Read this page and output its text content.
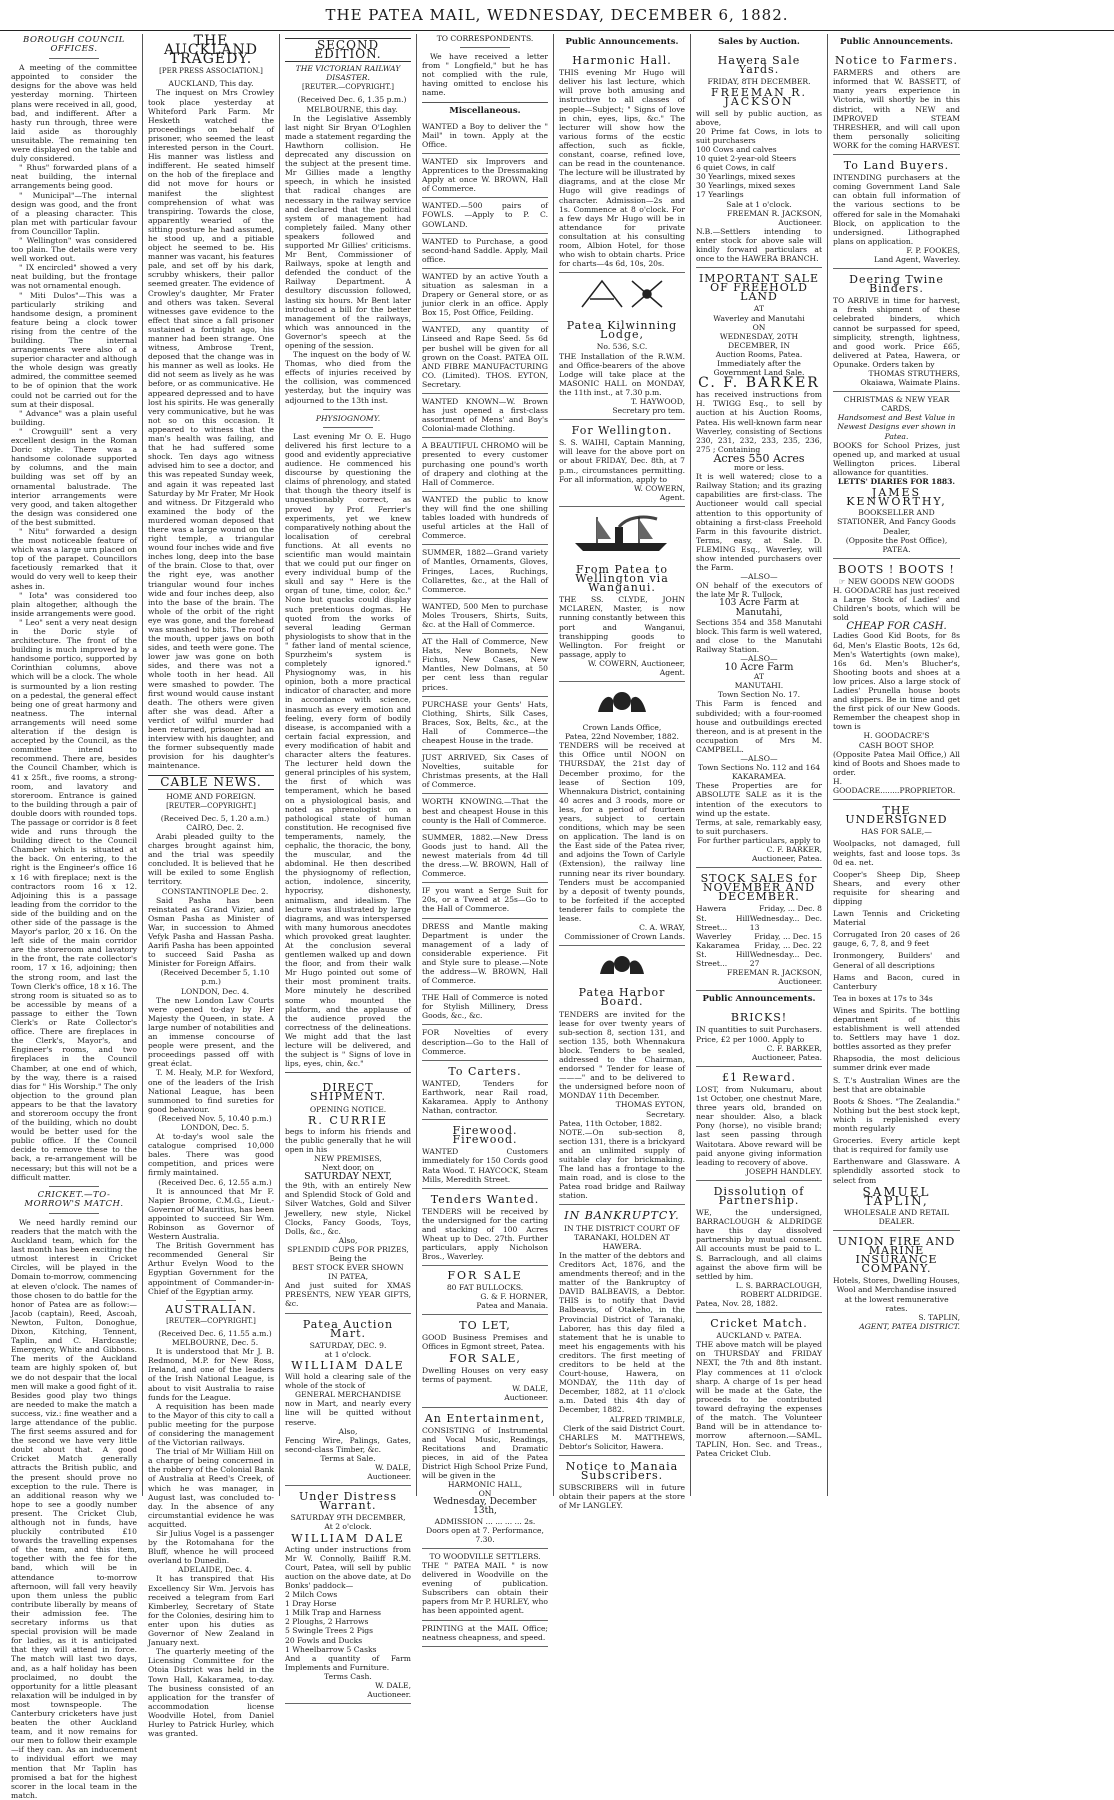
THE PATEA MAIL, WEDNESDAY, DECEMBER 6, 1882.
BOROUGH COUNCIL OFFICES.

A meeting of the committee appointed to consider the designs for the above was held yesterday morning. Thirteen plans were received in all, good, bad, and indifferent. After a hasty run through, three were laid aside as thoroughly unsuitable. The remaining ten were displayed on the table and duly considered.

" Rhus" forwarded plans of a neat building, the internal arrangements being good.

" Municipal"—The internal design was good, and the front of a pleasing character. This plan met with particular favour from Councillor Taplin.

" Wellington" was considered too plain. The details were very well worked out.

" IX encircled" showed a very neat building, but the frontage was not ornamental enough.

" Miti Dulos"—This was a particularly striking and handsome design, a prominent feature being a clock tower rising from the centre of the building. The internal arrangements were also of a superior character and although the whole design was greatly admired, the committee seemed to be of opinion that the work could not be carried out for the sum at their disposal.

" Advance" was a plain useful building.

" Crowguill" sent a very excellent design in the Roman Doric style. There was a handsome colonade supported by columns, and the main building was set off by an ornamental balustrade. The interior arrangements were very good, and taken altogether the design was considered one of the best submitted.

" Nitu" forwarded a design the most noticeable feature of which was a large urn placed on top of the parapet. Councillors facetiously remarked that it would do very well to keep their ashes in.

" Iota" was considered too plain altogether, although the inside arrangements were good.

" Leo" sent a very neat design in the Doric style of architecture. The front of the building is much improved by a handsome portico, supported by Corinthian columns, above which will be a clock. The whole is surmounted by a lion resting on a pedestal, the general effect being one of great harmony and neatness. The internal arrangements will need some alteration if the design is accepted by the Council, as the committee intend to recommend. There are, besides the Council Chamber, which is 41 x 25ft., five rooms, a strong-room, and lavatory and storeroom. Entrance is gained to the building through a pair of double doors with rounded tops. The passage or corridor is 8 feet wide and runs through the building direct to the Council Chamber which is situated at the back. On entering, to the right is the Engineer's office 16 x 16 with fireplace; next is the contractors room 16 x 12. Adjoining this is a passage leading from the corridor to the side of the building and on the other side of the passage is the Mayor's parlor, 20 x 16. On the left side of the main corridor are the storeroom and lavatory in the front, the rate collector's room, 17 x 16, adjoining; then the strong room, and last the Town Clerk's office, 18 x 16. The strong room is situated so as to be accessible by means of a passage to either the Town Clerk's or Rate Collector's office. There are fireplaces in the Clerk's, Mayor's, and Engineer's rooms, and two fireplaces in the Council Chamber, at one end of which, by the way, there is a raised dias for " His Worship." The only objection to the ground plan appears to be that the lavatory and storeroom occupy the front of the building, which no doubt would be better used for the public office. If the Council decide to remove these to the back, a re-arrangement will be necessary; but this will not be a difficult matter.

CRICKET.—TO-MORROW'S MATCH.

We need hardly remind our readers that the match with the Auckland team, which for the last month has been exciting the utmost interest in Cricket Circles, will be played in the Domain to-morrow, commencing at eleven o'clock. The names of those chosen to do battle for the honor of Patea are as follow:— Jacob (captain), Reed, Ascoah, Newton, Fulton, Donoghue, Dixon, Kitching, Tennent, Taplin, and C. Hardcastle; Emergency, White and Gibbons. The merits of the Auckland team are highly spoken of, but we do not despair that the local men will make a good fight of it. Besides good play two things are needed to make the match a success, viz.: fine weather and a large attendance of the public. The first seems assured and for the second we have very little doubt about that. A good Cricket Match generally attracts the British public, and the present should prove no exception to the rule. There is an additional reason why we hope to see a goodly number present. The Cricket Club, although not in funds, have pluckily contributed £10 towards the travelling expenses of the team, and this item, together with the fee for the band, which will be in attendance to-morrow afternoon, will fall very heavily upon them unless the public contribute liberally by means of their admission fee. The secretary informs us that special provision will be made for ladies, as it is anticipated that they will attend in force. The match will last two days, and, as a half holiday has been proclaimed, no doubt the opportunity for a little pleasant relaxation will be indulged in by most townspeople. The Canterbury cricketers have just beaten the other Auckland team, and it now remains for our men to follow their example—if they can. As an inducement to individual effort we may mention that Mr Taplin has promised a bat for the highest scorer in the local team in the match.

THE AUCKLAND TRAGEDY.
[PER PRESS ASSOCIATION.]
AUCKLAND, This day.

The inquest on Mrs Crowley took place yesterday at Whiteford Park Farm. Mr Hesketh watched the proceedings on behalf of prisoner, who seemed the least interested person in the Court. His manner was listless and indifferent. He seated himself on the hob of the fireplace and did not move for hours or manifest the slightest comprehension of what was transpiring. Towards the close, apparently wearied of the sitting posture he had assumed, he stood up, and a pitiable object he seemed to be. His manner was vacant, his features pale, and set off by his dark, scrubby whiskers, their pallor seemed greater. The evidence of Crowley's daughter, Mr Frater and others was taken. Several witnesses gave evidence to the effect that since a fall prisoner sustained a fortnight ago, his manner had been strange. One witness, Ambrose Trent, deposed that the change was in his manner as well as looks. He did not seem as lively as he was before, or as communicative. He appeared depressed and to have lost his spirits. He was generally very communicative, but he was not so on this occasion. It appeared to witness that the man's health was failing, and that he had suffered some shock. Ten days ago witness advised him to see a doctor, and this was repeated Sunday week, and again it was repeated last Saturday by Mr Frater, Mr Hook and witness. Dr Fitzgerald who examined the body of the murdered woman deposed that there was a large wound on the right temple, a triangular wound four inches wide and five inches long, deep into the base of the brain. Close to that, over the right eye, was another triangular wound four inches wide and four inches deep, also into the base of the brain. The whole of the orbit of the right eye was gone, and the forehead was smashed to bits. The roof of the mouth, upper jaws on both sides, and teeth were gone. The lower jaw was gone on both sides, and there was not a whole tooth in her head. All were smashed to powder. The first wound would cause instant death. The others were given after she was dead. After a verdict of wilful murder had been returned, prisoner had an interview with his daughter, and the former subsequently made provision for his daughter's maintenance.

CABLE NEWS.
HOME AND FOREIGN.
[REUTER—COPYRIGHT.]

(Received Dec. 5, 1.20 a.m.)

CAIRO, Dec. 2.

Arabi pleaded guilty to the charges brought against him, and the trial was speedily concluded. It is believed that he will be exiled to some English territory.

CONSTANTINOPLE Dec. 2.

Said Pasha has been reinstated as Grand Vizier, and Osman Pasha as Minister of War, in succession to Ahmed Vefyk Pasha and Hassan Pasha. Aarifi Pasha has been appointed to succeed Said Pasha as Minister for Foreign Affairs.

(Received December 5, 1.10 p.m.)

LONDON, Dec. 4.

The new London Law Courts were opened to-day by Her Majesty the Queen, in state. A large number of notabilities and an immense concourse of people were present, and the proceedings passed off with great éclat.

T. M. Healy, M.P. for Wexford, one of the leaders of the Irish National League, has been summoned to find sureties for good behaviour.

(Received Nov. 5, 10.40 p.m.)

LONDON, Dec. 5.

At to-day's wool sale the catalogue comprised 10,000 bales. There was good competition, and prices were firmly maintained.

(Received Dec. 6, 12.55 a.m.)

It is announced that Mr F. Napier Broome, C.M.G., Lieut.-Governor of Mauritius, has been appointed to succeed Sir Wm. Robinson as Governor of Western Australia.

The British Government has recommended General Sir Arthur Evelyn Wood to the Egyptian Government for the appointment of Commander-in-Chief of the Egyptian army.

AUSTRALIAN.
[REUTER—COPYRIGHT.]

(Received Dec. 6, 11.55 a.m.)

MELBOURNE, Dec. 5.

It is understood that Mr J. B. Redmond, M.P. for New Ross, Ireland, and one of the leaders of the Irish National League, is about to visit Australia to raise funds for the League.

A requisition has been made to the Mayor of this city to call a public meeting for the purpose of considering the management of the Victorian railways.

The trial of Mr William Hill on a charge of being concerned in the robbery of the Colonial Bank of Australia at Reed's Creek, of which he was manager, in August last, was concluded to-day. In the absence of any circumstantial evidence he was acquitted.

Sir Julius Vogel is a passenger by the Rotomahana for the Bluff, whence he will proceed overland to Dunedin.

ADELAIDE, Dec. 4.

It has transpired that His Excellency Sir Wm. Jervois has received a telegram from Earl Kimberley, Secretary of State for the Colonies, desiring him to enter upon his duties as Governor of New Zealand in January next.

The quarterly meeting of the Licensing Committee for the Otoia District was held in the Town Hall, Kakaramea, to-day. The business consisted of an application for the transfer of accommodation license Woodville Hotel, from Daniel Hurley to Patrick Hurley, which was granted.

SECOND EDITION.
THE VICTORIAN RAILWAY DISASTER.
[REUTER.—COPYRIGHT.]

(Received Dec. 6, 1.35 p.m.)

MELBOURNE, this day.

In the Legislative Assembly last night Sir Bryan O'Loghlen made a statement regarding the Hawthorn collision. He deprecated any discussion on the subject at the present time. Mr Gillies made a lengthy speech, in which he insisted that radical changes are necessary in the railway service and declared that the political system of management had completely failed. Many other speakers followed and supported Mr Gillies' criticisms. Mr Bent, Commissioner of Railways, spoke at length and defended the conduct of the Railway Department. A desultory discussion followed, lasting six hours. Mr Bent later introduced a bill for the better management of the railways, which was announced in the Governor's speech at the opening of the session.

The inquest on the body of W. Thomas, who died from the effects of injuries received by the collision, was commenced yesterday, but the inquiry was adjourned to the 13th inst.

PHYSIOGNOMY.

Last evening Mr O. E. Hugo delivered his first lecture to a good and evidently appreciative audience. He commenced his discourse by questioning the claims of phrenology, and stated that though the theory itself is unquestionably correct, as proved by Prof. Ferrier's experiments, yet we knew comparatively nothing about the localisation of cerebral functions. At all events no scientific man would maintain that we could put our finger on every individual bump of the skull and say " Here is the organ of tune, time, color, &c." None but quacks could display such pretentious dogmas. He quoted from the works of several leading German physiologists to show that in the " father land of mental science, Spurzheim's system is completely ignored." Physiognomy was, in his opinion, both a more practical indicator of character, and more in accordance with science, inasmuch as every emotion and feeling, every form of bodily disease, is accompanied with a certain facial expression, and every modification of habit and character alters the features. The lecturer held down the general principles of his system, the first of which was temperament, which he based on a physiological basis, and noted as phrenologist on a pathological state of human constitution. He recognised five temperaments, namely, the cephalic, the thoracic, the bony, the muscular, and the abdominal. He then described the physiognomy of reflection, action, indolence, sincerity, hypocrisy, dishonesty, animalism, and idealism. The lecture was illustrated by large diagrams, and was interspersed with many humorous anecdotes which provoked great laughter. At the conclusion several gentlemen walked up and down the floor, and from their walk Mr Hugo pointed out some of their most prominent traits. More minutely he described some who mounted the platform, and the applause of the audience proved the correctness of the delineations. We might add that the last lecture will be delivered, and the subject is " Signs of love in lips, eyes, chin, &c."

DIRECT SHIPMENT.
OPENING NOTICE.
R. CURRIE

begs to inform his friends and the public generally that he will open in his

NEW PREMISES,

Next door, on

SATURDAY NEXT,

the 9th, with an entirely New and Splendid Stock of Gold and Silver Watches, Gold and Silver Jewellery, new style, Nickel Clocks, Fancy Goods, Toys, Dolls, &c., &c.

Also,

SPLENDID CUPS FOR PRIZES,

Being the

BEST STOCK EVER SHOWN

IN PATEA,

And just suited for XMAS PRESENTS, NEW YEAR GIFTS, &c.

Patea Auction Mart.
SATURDAY, DEC. 9.
at 1 o'clock.
WILLIAM DALE

Will hold a clearing sale of the whole of the stock of

GENERAL MERCHANDISE

now in Mart, and nearly every line will be quitted without reserve.

Also,

Fencing Wire, Palings, Gates, second-class Timber, &c.

Terms at Sale.

W. DALE,

Auctioneer.

Under Distress Warrant.
SATURDAY 9TH DECEMBER,
At 2 o'clock.
WILLIAM DALE

Acting under instructions from Mr W. Connolly, Bailiff R.M. Court, Patea, will sell by public auction on the above date, at Do Bonks' paddock—

2 Milch Cows

1 Dray Horse

1 Milk Trap and Harness

2 Ploughs, 2 Harrows

5 Swingle Trees 2 Pigs

20 Fowls and Ducks

1 Wheelbarrow 5 Casks

And a quantity of Farm Implements and Furniture.

Terms Cash.

W. DALE,

Auctioneer.

TO CORRESPONDENTS.

We have received a letter from " Longfield," but he has not complied with the rule, having omitted to enclose his name.

Miscellaneous.

WANTED a Boy to deliver the " Mail" in town. Apply at the Office.

WANTED six Improvers and Apprentices to the Dressmaking Apply at once W. BROWN, Hall of Commerce.

WANTED.—500 pairs of FOWLS. —Apply to P. C. GOWLAND.

WANTED to Purchase, a good second-hand Saddle. Apply, Mail office.

WANTED by an active Youth a situation as salesman in a Drapery or General store, or as junior clerk in an office. Apply Box 15, Post Office, Feilding.

WANTED, any quantity of Linseed and Rape Seed. 5s 6d per bushel will be given for all grown on the Coast. PATEA OIL AND FIBRE MANUFACTURING CO. (Limited). THOS. EYTON, Secretary.

WANTED KNOWN—W. Brown has just opened a first-class assortment of Mens' and Boy's Colonial-made Clothing.

A BEAUTIFUL CHROMO will be presented to every customer purchasing one pound's worth of drapery and clothing at the Hall of Commerce.

WANTED the public to know they will find the one shilling tables loaded with hundreds of useful articles at the Hall of Commerce.

SUMMER, 1882—Grand variety of Mantles, Ornaments, Gloves, Fringes, Laces, Ruchings, Collarettes, &c., at the Hall of Commerce.

WANTED, 500 Men to purchase Moles Trousers, Shirts, Suits, &c. at the Hall of Commerce.

AT the Hall of Commerce, New Hats, New Bonnets, New Fichus, New Cases, New Mantles, New Dolmans, at 50 per cent less than regular prices.

PURCHASE your Gents' Hats, Clothing, Shirts, Silk Cases, Braces, Sox, Belts, &c., at the Hall of Commerce—the cheapest House in the trade.

JUST ARRIVED, Six Cases of Novelties, suitable for Christmas presents, at the Hall of Commerce.

WORTH KNOWING.—That the best and cheapest House in this county is the Hall of Commerce.

SUMMER, 1882.—New Dress Goods just to hand. All the newest materials from 4d till the dress.—W. BROWN, Hall of Commerce.

IF you want a Serge Suit for 20s, or a Tweed at 25s—Go to the Hall of Commerce.

DRESS and Mantle making Department is under the management of a lady of considerable experience. Fit and Style sure to please.—Note the address—W. BROWN, Hall of Commerce.

THE Hall of Commerce is noted for Stylish Millinery, Dress Goods, &c., &c.

FOR Novelties of every description—Go to the Hall of Commerce.

To Carters.

WANTED, Tenders for Earthwork, near Rail road, Kakaramea. Apply to Anthony Nathan, contractor.

Firewood. Firewood.

WANTED Customers immediately for 150 Cords good Rata Wood. T. HAYCOCK, Steam Mills, Meredith Street.

Tenders Wanted.

TENDERS will be received by the undersigned for the carting and stacking of 100 Acres Wheat up to Dec. 27th. Further particulars, apply Nicholson Bros., Waverley.

FOR SALE

80 FAT BULLOCKS.

G. & F. HORNER,

Patea and Manaia.

TO LET,

GOOD Business Premises and Offices in Egmont street, Patea.

FOR SALE,

Dwelling Houses on very easy terms of payment.

W. DALE,

Auctioneer.

An Entertainment,

CONSISTING of Instrumental and Vocal Music, Readings, Recitations and Dramatic pieces, in aid of the Patea District High School Prize Fund, will be given in the

HARMONIC HALL,

ON

Wednesday, December 13th,

ADMISSION ... ... ... ... 2s.

Doors open at 7. Performance, 7.30.

TO WOODVILLE SETTLERS.

THE " PATEA MAIL " is now delivered in Woodville on the evening of publication. Subscribers can obtain their papers from Mr P. HURLEY, who has been appointed agent.

PRINTING at the MAIL Office; neatness cheapness, and speed.

Public Announcements.
Harmonic Hall.

THIS evening Mr Hugo will deliver his last lecture, which will prove both amusing and instructive to all classes of people—Subject; " Signs of love in chin, eyes, lips, &c." The lecturer will show how the various forms of the ecstic affection, such as fickle, constant, coarse, refined love, can be read in the countenance. The lecture will be illustrated by diagrams, and at the close Mr Hugo will give readings of character. Admission—2s and 1s. Commence at 8 o'clock. For a few days Mr Hugo will be in attendance for private consultation at his consulting room, Albion Hotel, for those who wish to obtain charts. Price for charts—4s 6d, 10s, 20s.

Patea Kilwinning Lodge,

No. 536, S.C.

THE Installation of the R.W.M. and Office-bearers of the above Lodge will take place at the MASONIC HALL on MONDAY, the 11th inst., at 7.30 p.m.

T. HAYWOOD,

Secretary pro tem.

For Wellington.

S. S. WAIHI, Captain Manning, will leave for the above port on or about FRIDAY, Dec. 8th, at 7 p.m., circumstances permitting. For all information, apply to

W. COWERN,

Agent.

From Patea to Wellington via Wanganui.

THE SS. CLYDE, JOHN MCLAREN, Master, is now running constantly between this port and Wanganui, transhipping goods to Wellington. For freight or passage, apply to

W. COWERN, Auctioneer,

Agent.

Crown Lands Office,

Patea, 22nd November, 1882.

TENDERS will be received at this Office until NOON on THURSDAY, the 21st day of December proximo, for the lease of Section 109, Whennakura District, containing 40 acres and 3 roods, more or less, for a period of fourteen years, subject to certain conditions, which may be seen on application. The land is on the East side of the Patea river, and adjoins the Town of Carlyle (Extension), the railway line running near its river boundary. Tenders must be accompanied by a deposit of twenty pounds, to be forfeited if the accepted tenderer fails to complete the lease.

C. A. WRAY,

Commissioner of Crown Lands.

Patea Harbor Board.

TENDERS are invited for the lease for over twenty years of sub-section 8, section 131, and section 135, both Whennakura block. Tenders to be sealed, addressed to the Chairman, endorsed " Tender for lease of———" and to be delivered to the undersigned before noon of MONDAY 11th December.

THOMAS EYTON,

Secretary.

Patea, 11th October, 1882.

NOTE.—On sub-section 8, section 131, there is a brickyard and an unlimited supply of suitable clay for brickmaking. The land has a frontage to the main road, and is close to the Patea road bridge and Railway station.

IN BANKRUPTCY.

IN THE DISTRICT COURT OF TARANAKI, HOLDEN AT HAWERA.

In the matter of the debtors and Creditors Act, 1876, and the amendments thereof; and in the matter of the Bankruptcy of DAVID BALBEAVIS, a Debtor. THIS is to notify that David Balbeavis, of Otakeho, in the Provincial District of Taranaki, Laborer, has this day filed a statement that he is unable to meet his engagements with his creditors. The first meeting of creditors to be held at the Court-house, Hawera, on MONDAY, the 11th day of December, 1882, at 11 o'clock a.m. Dated this 4th day of December, 1882.

ALFRED TRIMBLE,

Clerk of the said District Court.

CHARLES M. MATTHEWS, Debtor's Solicitor, Hawera.

Notice to Manaia Subscribers.

SUBSCRIBERS will in future obtain their papers at the store of Mr LANGLEY.

Sales by Auction.
Hawera Sale Yards.

FRIDAY, 8TH DECEMBER.

FREEMAN R. JACKSON

will sell by public auction, as above,

20 Prime fat Cows, in lots to suit purchasers

100 Cows and calves

10 quiet 2-year-old Steers

6 quiet Cows, in calf

30 Yearlings, mixed sexes

30 Yearlings, mixed sexes

17 Yearlings

Sale at 1 o'clock.

FREEMAN R. JACKSON, Auctioneer.

N.B.—Settlers intending to enter stock for above sale will kindly forward particulars at once to the HAWERA BRANCH.

IMPORTANT SALE OF FREEHOLD LAND

AT

Waverley and Manutahi

ON

WEDNESDAY, 20TH DECEMBER, IN

Auction Rooms, Patea.

Immediately after the Government Land Sale.

C. F. BARKER

has received instructions from H. TWIGG Esq., to sell by auction at his Auction Rooms, Patea. His well-known farm near Waverley, consisting of Sections 230, 231, 232, 233, 235, 236, 275 ; Containing

Acres 550 Acres

more or less.

It is well watered; close to a Railway Station; and its grazing capabilities are first-class. The Auctioneer would call special attention to this opportunity of obtaining a first-class Freehold Farm in this favourite district. Terms, easy, at Sale. D. FLEMING Esq., Waverley, will show intended purchasers over the Farm.

—ALSO—

ON behalf of the executors of the late Mr R. Tullock,

103 Acre Farm at Manutahi,

Sections 354 and 358 Manutahi block. This farm is well watered, and close to the Manutahi Railway Station.

—ALSO—

10 Acre Farm

AT

MANUTAHI.

Town Section No. 17.

This Farm is fenced and subdivided; with a four-roomed house and outbuildings erected thereon, and is at present in the occupation of Mrs M. CAMPBELL.

—ALSO—

Town Sections No. 112 and 164

KAKARAMEA.

These Properties are for ABSOLUTE SALE as it is the intention of the executors to wind up the estate.

Terms, at sale, remarkably easy, to suit purchasers.

For further particulars, apply to

C. F. BARKER,

Auctioneer, Patea.

STOCK SALES for NOVEMBER AND DECEMBER.
Hawera	Friday, ... Dec. 8
St. Hill Street...
Wednesday... Dec. 13
Waverley	Friday, ... Dec. 15
Kakaramea Friday, ... Dec. 22
St. Hill Street...
Wednesday... Dec. 27

FREEMAN R. JACKSON,

Auctioneer.

Public Announcements.
BRICKS!

IN quantities to suit Purchasers. Price, £2 per 1000. Apply to

C. F. BARKER,

Auctioneer, Patea.

£1 Reward.

LOST, from Nukumaru, about 1st October, one chestnut Mare, three years old, branded on near shoulder. Also, a black Pony (horse), no visible brand; last seen passing through Waitotara. Above reward will be paid anyone giving information leading to recovery of above.

JOSEPH HANDLEY.

Dissolution of Partnership.

WE, the undersigned, BARRACLOUGH & ALDRIDGE have this day dissolved partnership by mutual consent. All accounts must be paid to L. S. Barraclough, and all claims against the above firm will be settled by him.

L. S. BARRACLOUGH,

ROBERT ALDRIDGE.

Patea, Nov. 28, 1882.

Cricket Match.

AUCKLAND v. PATEA.

THE above match will be played on THURSDAY and FRIDAY NEXT, the 7th and 8th instant. Play commences at 11 o'clock sharp. A charge of 1s per head will be made at the Gate, the proceeds to be contributed toward defraying the expenses of the match. The Volunteer Band will be in attendance to-morrow afternoon.—SAML. TAPLIN, Hon. Sec. and Treas., Patea Cricket Club.

Public Announcements.
Notice to Farmers.

FARMERS and others are informed that W. BASSETT, of many years experience in Victoria, will shortly be in this district, with a NEW and IMPROVED STEAM THRESHER, and will call upon them personally soliciting WORK for the coming HARVEST.

To Land Buyers.

INTENDING purchasers at the coming Government Land Sale can obtain full information of the various sections to be offered for sale in the Momahaki Block, on application to the undersigned. Lithographed plans on application.

F. P. FOOKES,

Land Agent, Waverley.

Deering Twine Binders.

TO ARRIVE in time for harvest, a fresh shipment of these celebrated binders, which cannot be surpassed for speed, simplicity, strength, lightness, and good work. Price £65, delivered at Patea, Hawera, or Opunake. Orders taken by

THOMAS STRUTHERS,

Okaiawa, Waimate Plains.

CHRISTMAS & NEW YEAR CARDS,

Handsomest and Best Value in Newest Designs ever shown in Patea.

BOOKS for School Prizes, just opened up, and marked at usual Wellington prices. Liberal allowance for quantities.

LETTS' DIARIES FOR 1883.

JAMES KENWORTHY,

BOOKSELLER AND STATIONER, And Fancy Goods Dealer,

(Opposite the Post Office), PATEA.

BOOTS ! BOOTS !

☞ NEW GOODS NEW GOODS

H. GOODACRE has just received a Large Stock of Ladies' and Children's boots, which will be sold

CHEAP FOR CASH.

Ladies Good Kid Boots, for 8s 6d, Men's Elastic Boots, 12s 6d, Men's Watertights (own make), 16s 6d. Men's Blucher's, Shooting boots and shoes at a low prices. Also a large stock of Ladies' Prunella house boots and slippers. Be in time and get the first pick of our New Goods. Remember the cheapest shop in town is

H. GOODACRE'S

CASH BOOT SHOP.

(Opposite Patea Mail Office,) All kind of Boots and Shoes made to order.

H. GOODACRE........PROPRIETOR.

THE UNDERSIGNED

HAS FOR SALE,—

Woolpacks, not damaged, full weights, fast and loose tops. 3s 0d ea. net.

Cooper's Sheep Dip, Sheep Shears, and every other requisite for shearing and dipping

Lawn Tennis and Cricketing Material

Corrugated Iron 20 cases of 26 gauge, 6, 7, 8, and 9 feet

Ironmongery, Builders' and General of all descriptions

Hams and Bacon, cured in Canterbury

Tea in boxes at 17s to 34s

Wines and Spirits. The bottling department of this establishment is well attended to. Settlers may have 1 doz. bottles assorted as they prefer

Rhapsodia, the most delicious summer drink ever made

S. T.'s Australian Wines are the best that are obtainable

Boots & Shoes. "The Zealandia." Nothing but the best stock kept, which is replenished every month regularly

Groceries. Every article kept that is required for family use

Earthenware and Glassware. A splendidly assorted stock to select from

SAMUEL TAPLIN,

WHOLESALE AND RETAIL DEALER.

UNION FIRE AND MARINE INSURANCE COMPANY.

Hotels, Stores, Dwelling Houses, Wool and Merchandise insured at the lowest remunerative rates.

S. TAPLIN,

AGENT, PATEA DISTRICT.
